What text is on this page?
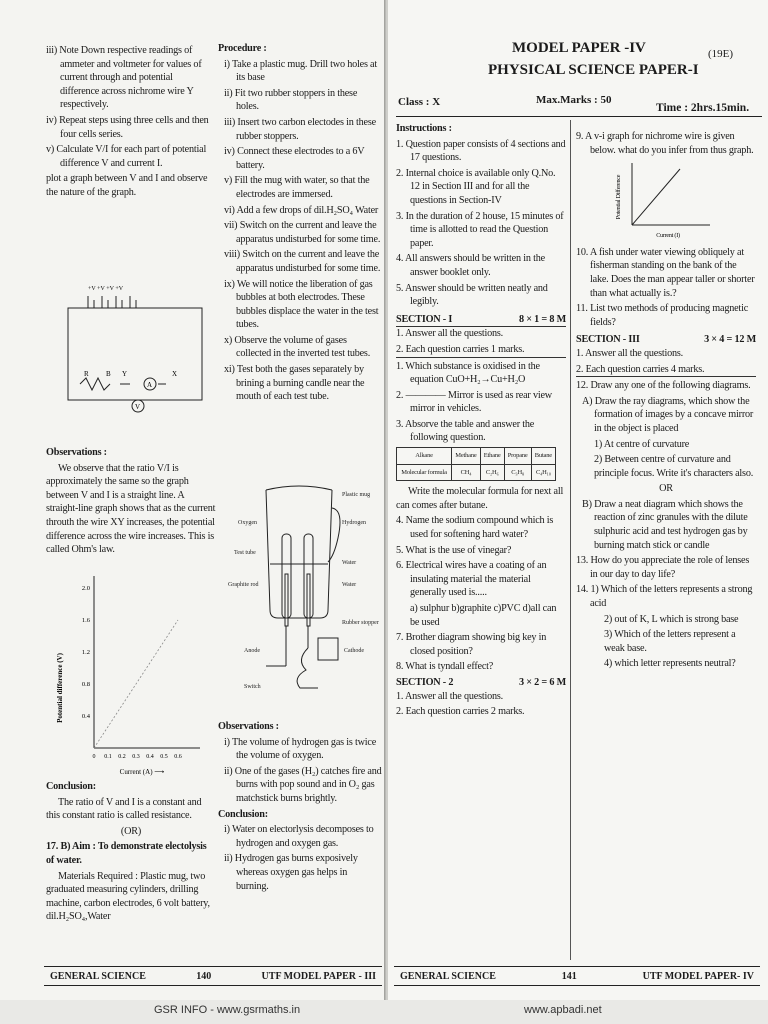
iii) Note Down respective readings of ammeter and voltmeter for values of current through and potential difference across nichrome wire Y respectively.

iv) Repeat steps using three cells and then four cells series.

v) Calculate V/I for each part of potential difference V and current I.

plot a graph between V and I and observe the nature of the graph.

+V +V +V +V
R B Y	X
A
V

Observations :

We observe that the ratio V/I is approximately the same so the graph between V and I is a straight line. A straight-line graph shows that as the current throuth the wire XY increases, the potential difference across the wire increases. This is called Ohm's law.

2.0
1.6
1.2
0.8
0.4
0 0.1 0.2 0.3 0.4 0.5 0.6
Potential difference (V)
Current (A) ⟶

Conclusion:

The ratio of V and I is a constant and this constant ratio is called resistance.

(OR)

17. B) Aim : To demonstrate electolysis of water.

Materials Required : Plastic mug, two graduated measuring cylinders, drilling machine, carbon electrodes, 6 volt battery, dil.H₂SO₄,Water

Procedure :

i) Take a plastic mug. Drill two holes at its base

ii) Fit two rubber stoppers in these holes.

iii) Insert two carbon electodes in these rubber stoppers.

iv) Connect these electrodes to a 6V battery.

v) Fill the mug with water, so that the electrodes are immersed.

vi) Add a few drops of dil.H₂SO₄ Water

vii) Switch on the current and leave the apparatus undisturbed for some time.

viii) Switch on the current and leave the apparatus undisturbed for some time.

ix) We will notice the liberation of gas bubbles at both electrodes. These bubbles displace the water in the test tubes.

x) Observe the volume of gases collected in the inverted test tubes.

xi) Test both the gases separately by brining a burning candle near the mouth of each test tube.

Plastic mug
Oxygen	Hydrogen
Test tube
Water
Graphite rod	Water
Rubber stopper
Anode	Cathode
Switch

Observations :

i) The volume of hydrogen gas is twice the volume of oxygen.

ii) One of the gases (H₂) catches fire and burns with pop sound and in O₂ gas matchstick burns brightly.

Conclusion:

i) Water on electorlysis decomposes to hydrogen and oxygen gas.

ii) Hydrogen gas burns exposively whereas oxygen gas helps in burning.

GENERAL SCIENCE	140	UTF MODEL PAPER - III
MODEL PAPER -IV	(19E)
PHYSICAL SCIENCE PAPER-I
Class : X	Max.Marks : 50
Time : 2hrs.15min.

Instructions :

1. Question paper consists of 4 sections and 17 questions.

2. Internal choice is available only Q.No. 12 in Section III and for all the questions in Section-IV

3. In the duration of 2 house, 15 minutes of time is allotted to read the Question paper.

4. All answers should be written in the answer booklet only.

5. Answer should be written neatly and legibly.

SECTION - I	8 × 1 = 8 M

1. Answer all the questions.

2. Each question carries 1 marks.

1. Which substance is oxidised in the equation CuO+H₂→Cu+H₂O

2. ———— Mirror is used as rear view mirror in vehicles.

3. Absorve the table and answer the following question.

Alkane	Methane	Ethane	Propane	Butane
Molecular formula	CH₄	C₂H₆	C₃H₈	C₄H₁₀

Write the molecular formula for next all can comes after butane.

4. Name the sodium compound which is used for softening hard water?

5. What is the use of vinegar?

6. Electrical wires have a coating of an insulating material the material generally used is.....

a) sulphur b)graphite c)PVC d)all can be used

7. Brother diagram showing big key in closed position?

8. What is tyndall effect?

SECTION - 2	3 × 2 = 6 M

1. Answer all the questions.

2. Each question carries 2 marks.

9. A v-i graph for nichrome wire is given below. what do you infer from thus graph.

Potential Difference
Current (I)

10. A fish under water viewing obliquely at fisherman standing on the bank of the lake. Does the man appear taller or shorter than what actually is.?

11. List two methods of producing magnetic fields?

SECTION - III	3 × 4 = 12 M

1. Answer all the questions.

2. Each question carries 4 marks.

12. Draw any one of the following diagrams.

A) Draw the ray diagrams, which show the formation of images by a concave mirror in the object is placed

1) At centre of curvature

2) Between centre of curvature and principle focus. Write it's characters also.

OR

B) Draw a neat diagram which shows the reaction of zinc granules with the dilute sulphuric acid and test hydrogen gas by burning match stick or candle

13. How do you appreciate the role of lenses in our day to day life?

14. 1) Which of the letters represents a strong acid

2) out of K, L which is strong base

3) Which of the letters represent a weak base.

4) which letter represents neutral?

GENERAL SCIENCE	141	UTF MODEL PAPER- IV
GSR INFO - www.gsrmaths.in	www.apbadi.net
